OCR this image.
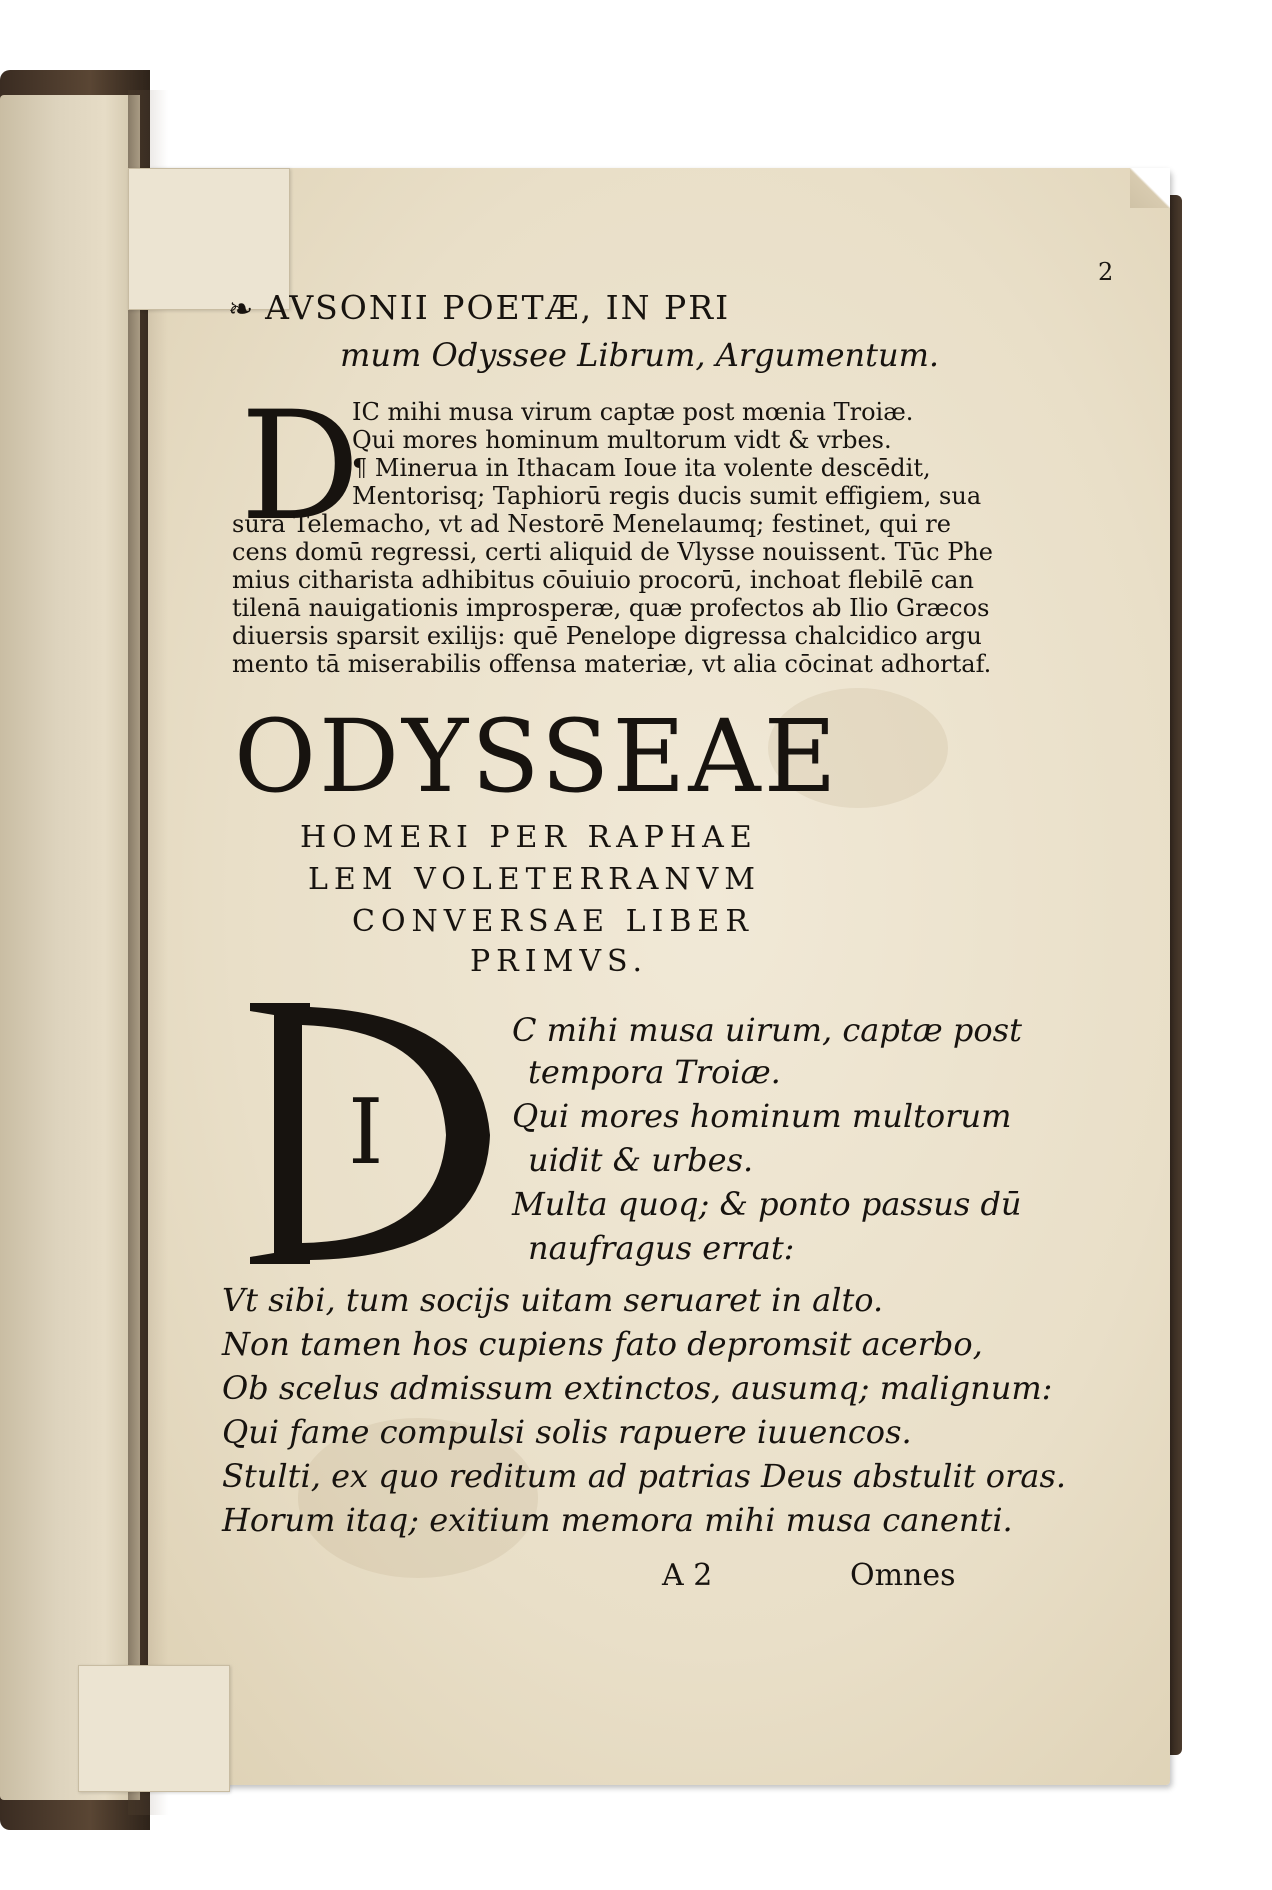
2
❧ AVSONII POETÆ, IN PRI
mum Odyssee Librum, Argumentum.
D
IC mihi musa virum captæ post mœnia Troiæ.
Qui mores hominum multorum vidt & vrbes.
¶ Minerua in Ithacam Ioue ita volente descēdit,
Mentorisq; Taphiorū regis ducis sumit effigiem, sua
sura Telemacho, vt ad Nestorē Menelaumq; festinet, qui re
cens domū regressi, certi aliquid de Vlysse nouissent. Tūc Phe
mius citharista adhibitus cōuiuio procorū, inchoat flebilē can
tilenā nauigationis improsperæ, quæ profectos ab Ilio Græcos
diuersis sparsit exilijs: quē Penelope digressa chalcidico argu
mento tā miserabilis offensa materiæ, vt alia cōcinat adhortaf.
ODYSSEAE
HOMERI PER RAPHAE
LEM VOLETERRANVM
CONVERSAE LIBER
PRIMVS.
I
C mihi musa uirum, captæ post
tempora Troiæ.
Qui mores hominum multorum
uidit & urbes.
Multa quoq; & ponto passus dū
naufragus errat:
Vt sibi, tum socijs uitam seruaret in alto.
Non tamen hos cupiens fato depromsit acerbo,
Ob scelus admissum extinctos, ausumq; malignum:
Qui fame compulsi solis rapuere iuuencos.
Stulti, ex quo reditum ad patrias Deus abstulit oras.
Horum itaq; exitium memora mihi musa canenti.
A 2	Omnes
